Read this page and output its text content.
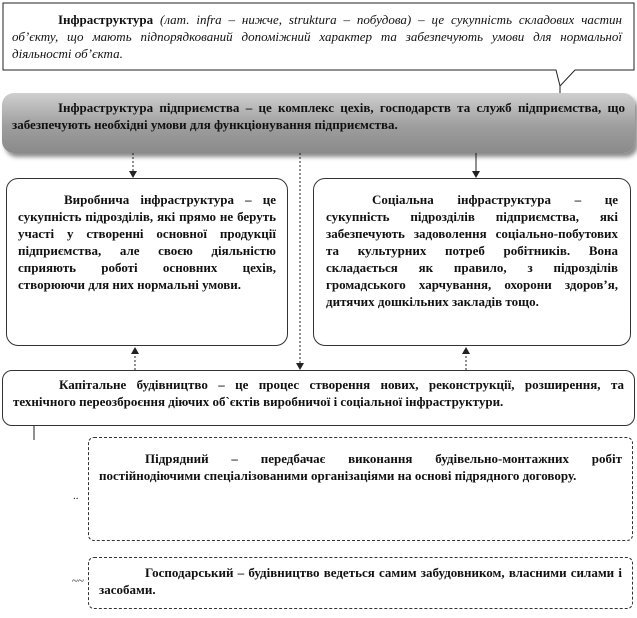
..
~~
Інфраструктура (лат. infra – нижче, struktura – побудова) – це сукупність складових частин об’єкту, що мають підпорядкований допоміжний характер та забезпечують умови для нормальної діяльності об’єкта.
Інфраструктура підприємства – це комплекс цехів, господарств та служб підприємства, що забезпечують необхідні умови для функціонування підприємства.
Виробнича інфраструктура – це сукупність підрозділів, які прямо не беруть участі у створенні основної продукції підприємства, але своєю діяльністю сприяють роботі основних цехів, створюючи для них нормальні умови.
Соціальна інфраструктура – це сукупність підрозділів підприємства, які забезпечують задоволення соціально-побутових та культурних потреб робітників. Вона складається як правило, з підрозділів громадського харчування, охорони здоров’я, дитячих дошкільних закладів тощо.
Капітальне будівництво – це процес створення нових, реконструкції, розширення, та технічного переозброєння діючих об`єктів виробничої і соціальної інфраструктури.
Підрядний – передбачає виконання будівельно-монтажних робіт постійнодіючими спеціалізованими організаціями на основі підрядного договору.
Господарський – будівництво ведеться самим забудовником, власними силами і засобами.
